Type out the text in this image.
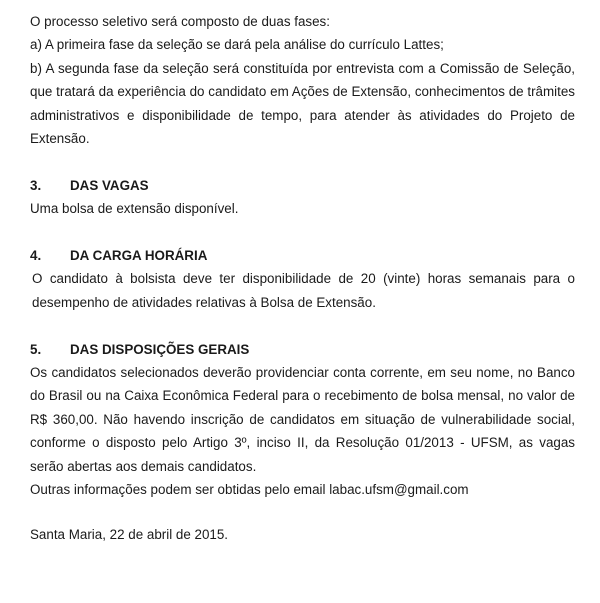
O processo seletivo será composto de duas fases:

a) A primeira fase da seleção se dará pela análise do currículo Lattes;

b) A segunda fase da seleção será constituída por entrevista com a Comissão de Seleção, que tratará da experiência do candidato em Ações de Extensão, conhecimentos de trâmites administrativos e disponibilidade de tempo, para atender às atividades do Projeto de Extensão.

3.	DAS VAGAS

Uma bolsa de extensão disponível.

4.	DA CARGA HORÁRIA

O candidato à bolsista deve ter disponibilidade de 20 (vinte) horas semanais para o desempenho de atividades relativas à Bolsa de Extensão.

5.	DAS DISPOSIÇÕES GERAIS

Os candidatos selecionados deverão providenciar conta corrente, em seu nome, no Banco do Brasil ou na Caixa Econômica Federal para o recebimento de bolsa mensal, no valor de R$ 360,00. Não havendo inscrição de candidatos em situação de vulnerabilidade social, conforme o disposto pelo Artigo 3º, inciso II, da Resolução 01/2013 - UFSM, as vagas serão abertas aos demais candidatos.

Outras informações podem ser obtidas pelo email labac.ufsm@gmail.com

Santa Maria, 22 de abril de 2015.
